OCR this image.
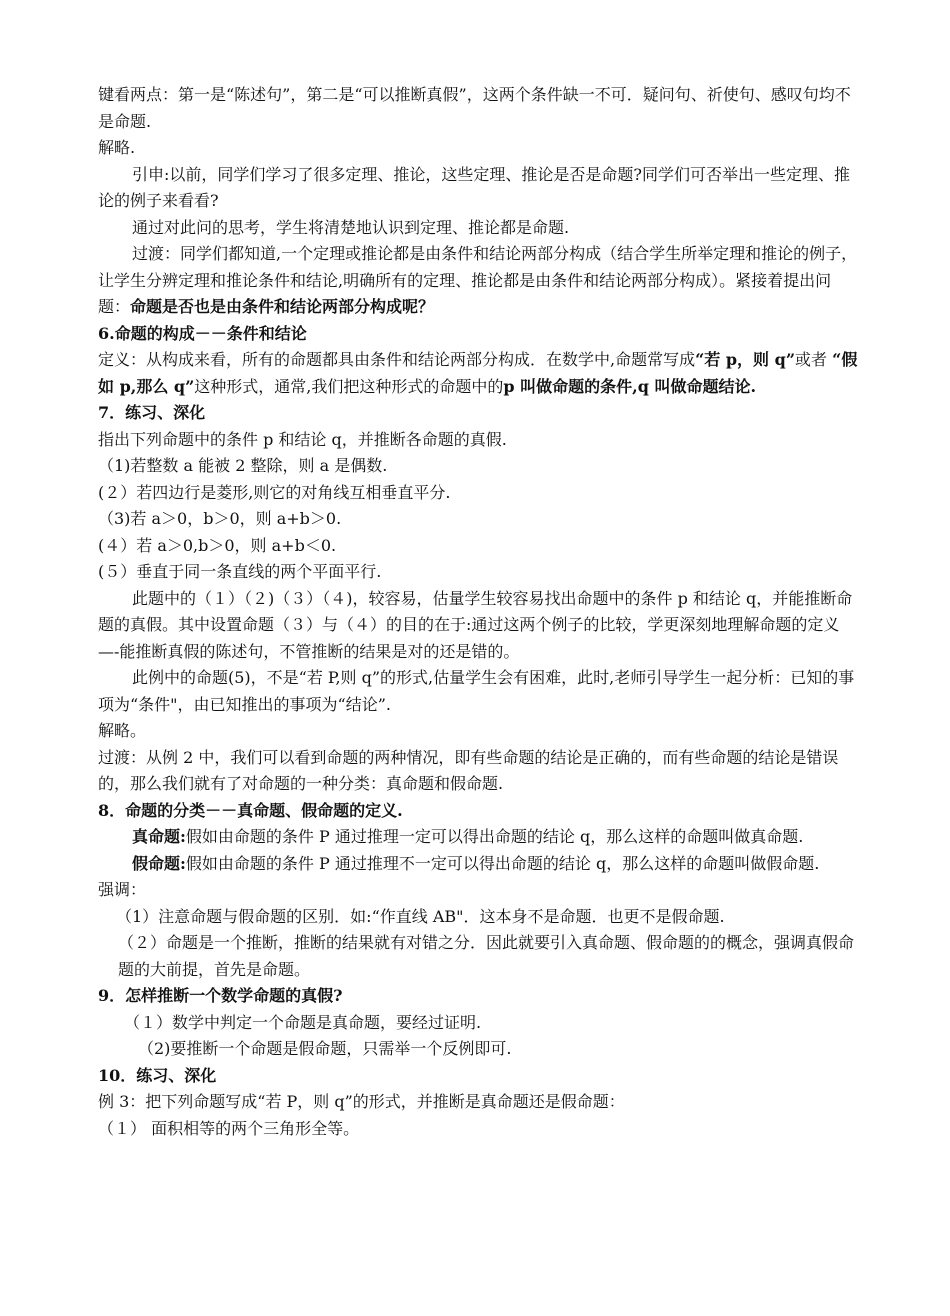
键看两点：第一是“陈述句”，第二是“可以推断真假”，这两个条件缺一不可．疑问句、祈使句、感叹句均不是命题.

解略.

引申:以前，同学们学习了很多定理、推论，这些定理、推论是否是命题?同学们可否举出一些定理、推论的例子来看看?

通过对此问的思考，学生将清楚地认识到定理、推论都是命题.

过渡：同学们都知道,一个定理或推论都是由条件和结论两部分构成（结合学生所举定理和推论的例子，让学生分辨定理和推论条件和结论,明确所有的定理、推论都是由条件和结论两部分构成）。紧接着提出问题：命题是否也是由条件和结论两部分构成呢？

6.命题的构成－－条件和结论

定义：从构成来看，所有的命题都具由条件和结论两部分构成．在数学中,命题常写成“若 p，则 q”或者 “假如 p,那么 q”这种形式，通常,我们把这种形式的命题中的p 叫做命题的条件,q 叫做命题结论.

7．练习、深化

指出下列命题中的条件 p 和结论 q，并推断各命题的真假.

（1)若整数 a 能被 2 整除，则 a 是偶数.

(２）若四边行是菱形,则它的对角线互相垂直平分.

（3)若 a＞0，b＞0，则 a+b＞0.

(４）若 a＞0,b＞0，则 a+b＜0.

(５）垂直于同一条直线的两个平面平行.

此题中的（１）（２)（３）（４)，较容易，估量学生较容易找出命题中的条件 p 和结论 q，并能推断命题的真假。其中设置命题（３）与（４）的目的在于:通过这两个例子的比较，学更深刻地理解命题的定义—-能推断真假的陈述句，不管推断的结果是对的还是错的。

此例中的命题(5)，不是“若 P,则 q”的形式,估量学生会有困难，此时,老师引导学生一起分析：已知的事项为“条件"，由已知推出的事项为“结论”.

解略。

过渡：从例 2 中，我们可以看到命题的两种情况，即有些命题的结论是正确的，而有些命题的结论是错误的，那么我们就有了对命题的一种分类：真命题和假命题.

8．命题的分类－－真命题、假命题的定义.

真命题:假如由命题的条件 P 通过推理一定可以得出命题的结论 q，那么这样的命题叫做真命题.

假命题:假如由命题的条件 P 通过推理不一定可以得出命题的结论 q，那么这样的命题叫做假命题.

强调：

（1）注意命题与假命题的区别．如:“作直线 AB"．这本身不是命题．也更不是假命题.

（２）命题是一个推断，推断的结果就有对错之分．因此就要引入真命题、假命题的的概念，强调真假命题的大前提，首先是命题。

9．怎样推断一个数学命题的真假?

（１）数学中判定一个命题是真命题，要经过证明.

（2)要推断一个命题是假命题，只需举一个反例即可.

10．练习、深化

例 3：把下列命题写成“若 P，则 q”的形式，并推断是真命题还是假命题：

（１） 面积相等的两个三角形全等。
